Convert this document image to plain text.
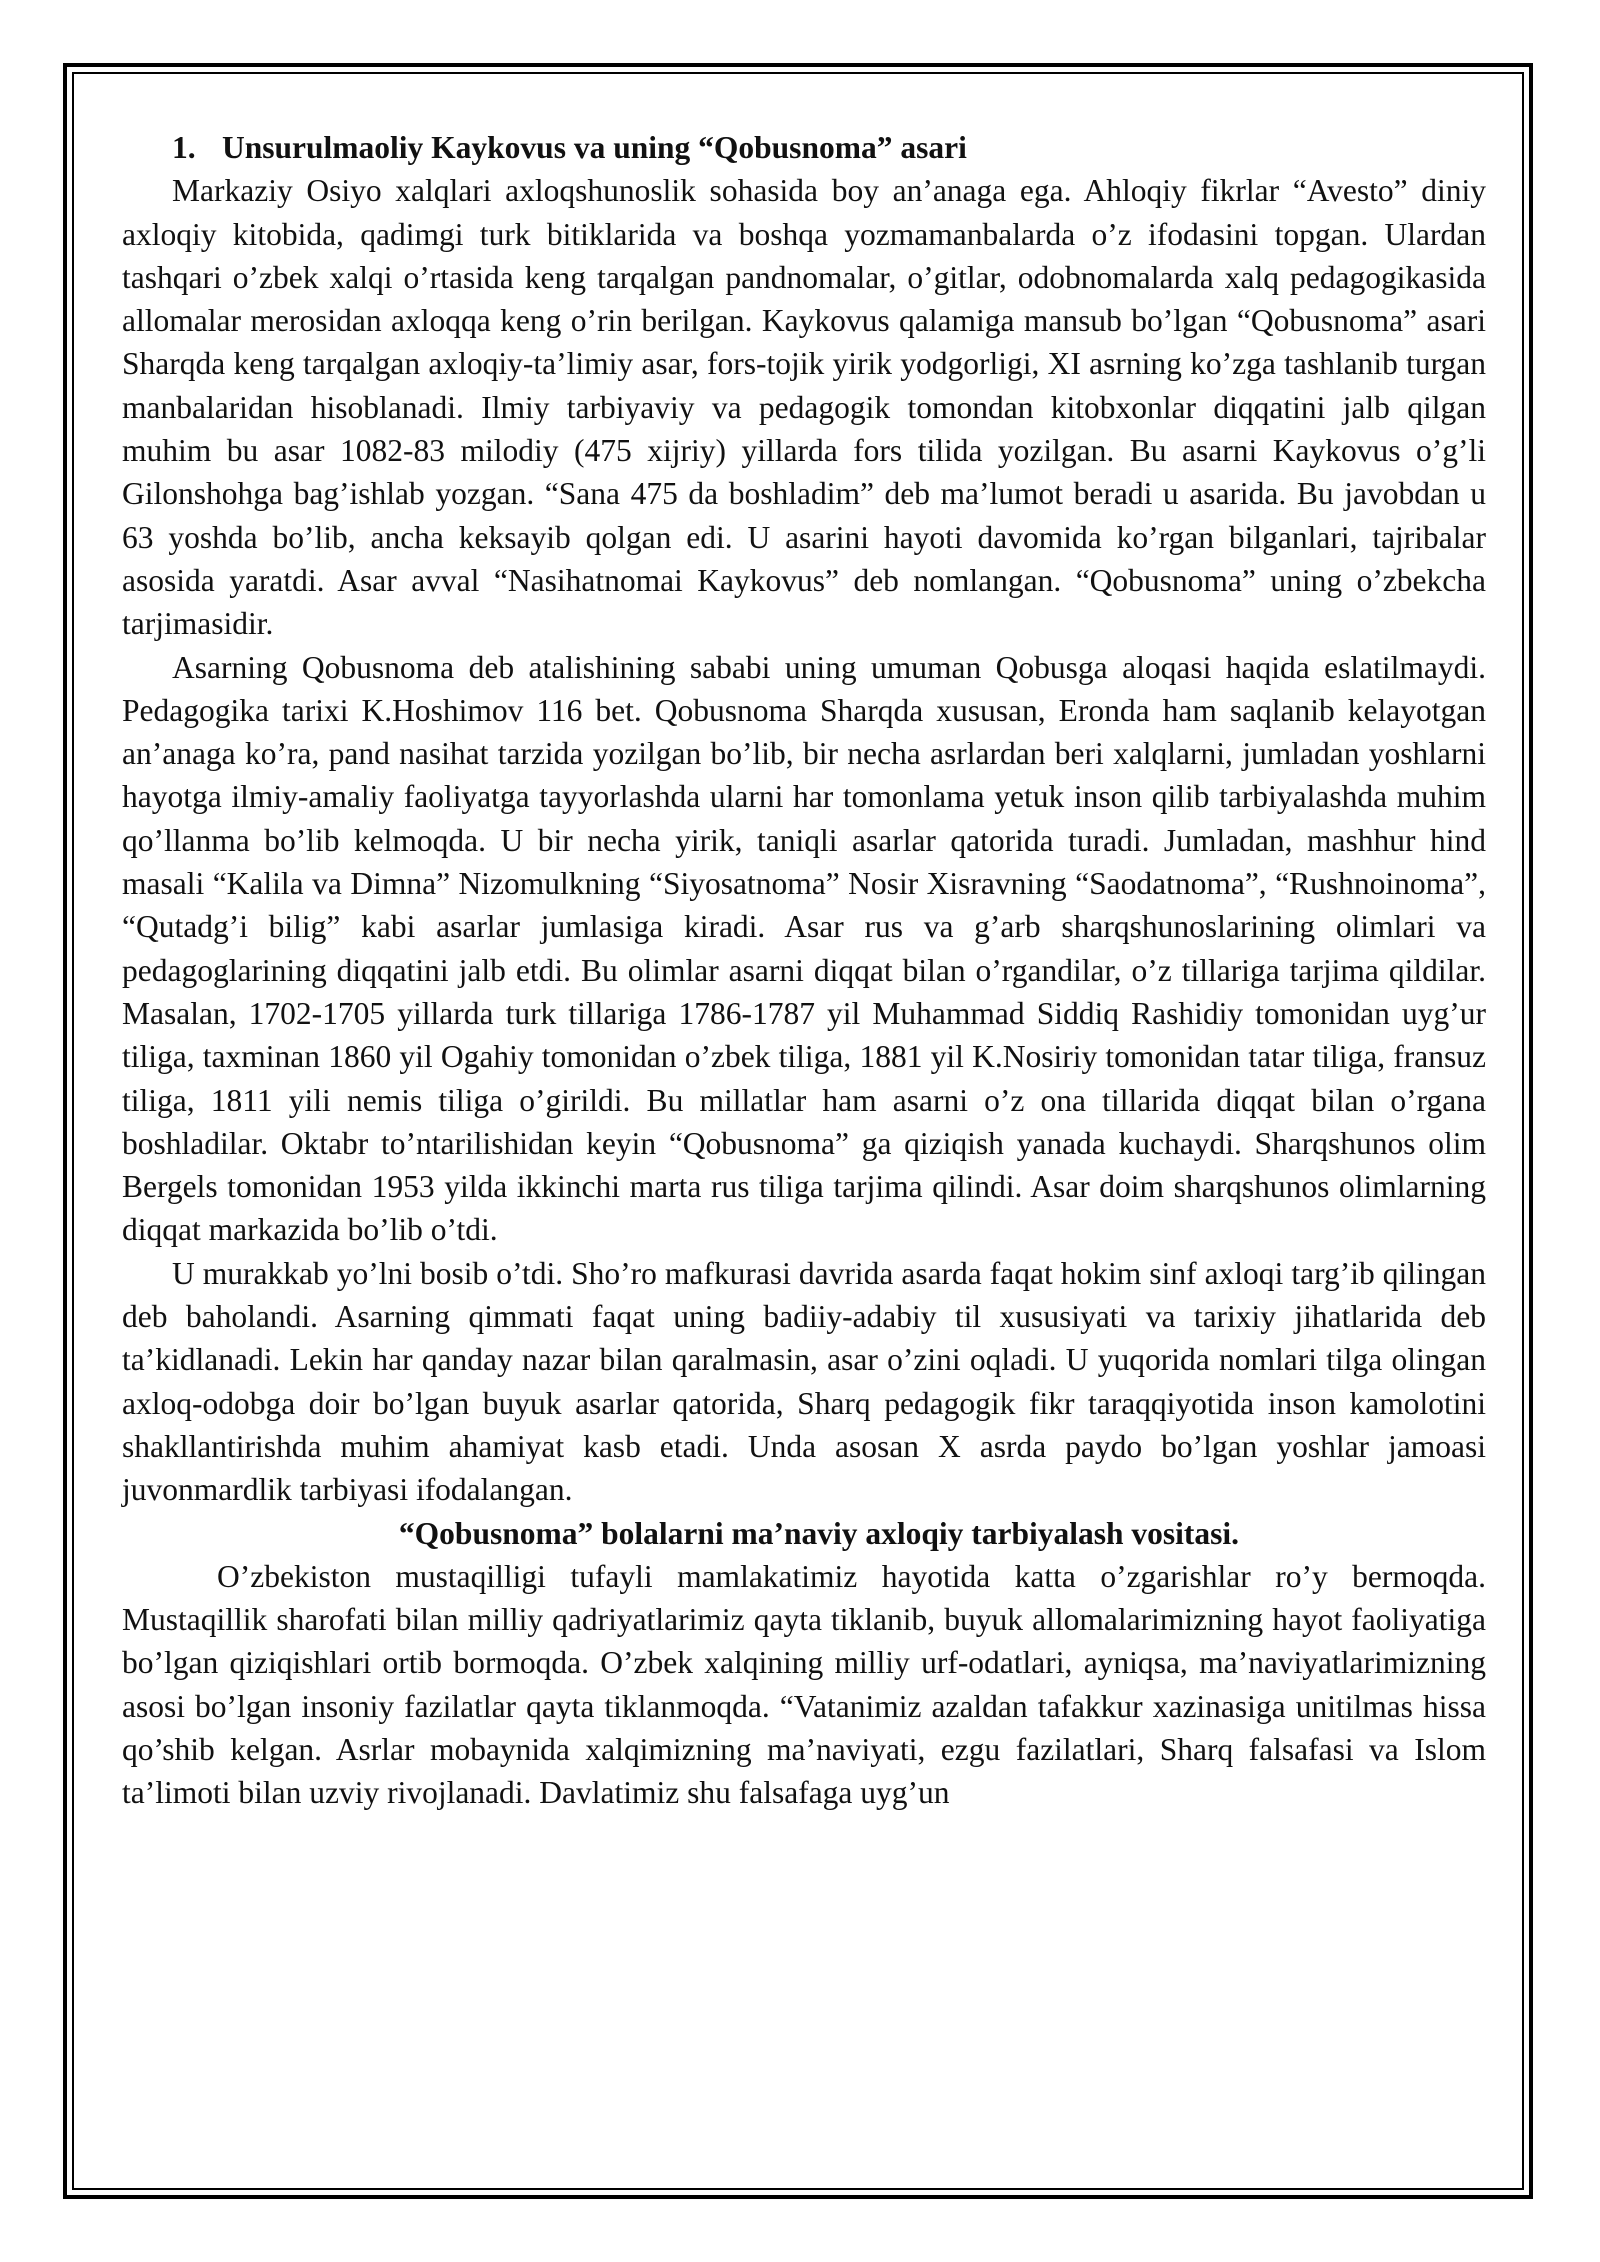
1. Unsurulmaoliy Kaykovus va uning “Qobusnoma” asari

Markaziy Osiyo xalqlari axloqshunoslik sohasida boy an’anaga ega. Ahloqiy fikrlar “Avesto” diniy axloqiy kitobida, qadimgi turk bitiklarida va boshqa yozmamanbalarda o’z ifodasini topgan. Ulardan tashqari o’zbek xalqi o’rtasida keng tarqalgan pandnomalar, o’gitlar, odobnomalarda xalq pedagogikasida allomalar merosidan axloqqa keng o’rin berilgan. Kaykovus qalamiga mansub bo’lgan “Qobusnoma” asari Sharqda keng tarqalgan axloqiy-ta’limiy asar, fors-tojik yirik yodgorligi, XI asrning ko’zga tashlanib turgan manbalaridan hisoblanadi. Ilmiy tarbiyaviy va pedagogik tomondan kitobxonlar diqqatini jalb qilgan muhim bu asar 1082-83 milodiy (475 xijriy) yillarda fors tilida yozilgan. Bu asarni Kaykovus o’g’li Gilonshohga bag’ishlab yozgan. “Sana 475 da boshladim” deb ma’lumot beradi u asarida. Bu javobdan u 63 yoshda bo’lib, ancha keksayib qolgan edi. U asarini hayoti davomida ko’rgan bilganlari, tajribalar asosida yaratdi. Asar avval “Nasihatnomai Kaykovus” deb nomlangan. “Qobusnoma” uning o’zbekcha tarjimasidir.

Asarning Qobusnoma deb atalishining sababi uning umuman Qobusga aloqasi haqida eslatilmaydi. Pedagogika tarixi K.Hoshimov 116 bet. Qobusnoma Sharqda xususan, Eronda ham saqlanib kelayotgan an’anaga ko’ra, pand nasihat tarzida yozilgan bo’lib, bir necha asrlardan beri xalqlarni, jumladan yoshlarni hayotga ilmiy-amaliy faoliyatga tayyorlashda ularni har tomonlama yetuk inson qilib tarbiyalashda muhim qo’llanma bo’lib kelmoqda. U bir necha yirik, taniqli asarlar qatorida turadi. Jumladan, mashhur hind masali “Kalila va Dimna” Nizomulkning “Siyosatnoma” Nosir Xisravning “Saodatnoma”, “Rushnoinoma”, “Qutadg’i bilig” kabi asarlar jumlasiga kiradi. Asar rus va g’arb sharqshunoslarining olimlari va pedagoglarining diqqatini jalb etdi. Bu olimlar asarni diqqat bilan o’rgandilar, o’z tillariga tarjima qildilar. Masalan, 1702-1705 yillarda turk tillariga 1786-1787 yil Muhammad Siddiq Rashidiy tomonidan uyg’ur tiliga, taxminan 1860 yil Ogahiy tomonidan o’zbek tiliga, 1881 yil K.Nosiriy tomonidan tatar tiliga, fransuz tiliga, 1811 yili nemis tiliga o’girildi. Bu millatlar ham asarni o’z ona tillarida diqqat bilan o’rgana boshladilar. Oktabr to’ntarilishidan keyin “Qobusnoma” ga qiziqish yanada kuchaydi. Sharqshunos olim Bergels tomonidan 1953 yilda ikkinchi marta rus tiliga tarjima qilindi. Asar doim sharqshunos olimlarning diqqat markazida bo’lib o’tdi.

U murakkab yo’lni bosib o’tdi. Sho’ro mafkurasi davrida asarda faqat hokim sinf axloqi targ’ib qilingan deb baholandi. Asarning qimmati faqat uning badiiy-adabiy til xususiyati va tarixiy jihatlarida deb ta’kidlanadi. Lekin har qanday nazar bilan qaralmasin, asar o’zini oqladi. U yuqorida nomlari tilga olingan axloq-odobga doir bo’lgan buyuk asarlar qatorida, Sharq pedagogik fikr taraqqiyotida inson kamolotini shakllantirishda muhim ahamiyat kasb etadi. Unda asosan X asrda paydo bo’lgan yoshlar jamoasi juvonmardlik tarbiyasi ifodalangan.

“Qobusnoma” bolalarni ma’naviy axloqiy tarbiyalash vositasi.

O’zbekiston mustaqilligi tufayli mamlakatimiz hayotida katta o’zgarishlar ro’y bermoqda. Mustaqillik sharofati bilan milliy qadriyatlarimiz qayta tiklanib, buyuk allomalarimizning hayot faoliyatiga bo’lgan qiziqishlari ortib bormoqda. O’zbek xalqining milliy urf-odatlari, ayniqsa, ma’naviyatlarimizning asosi bo’lgan insoniy fazilatlar qayta tiklanmoqda. “Vatanimiz azaldan tafakkur xazinasiga unitilmas hissa qo’shib kelgan. Asrlar mobaynida xalqimizning ma’naviyati, ezgu fazilatlari, Sharq falsafasi va Islom ta’limoti bilan uzviy rivojlanadi. Davlatimiz shu falsafaga uyg’un
